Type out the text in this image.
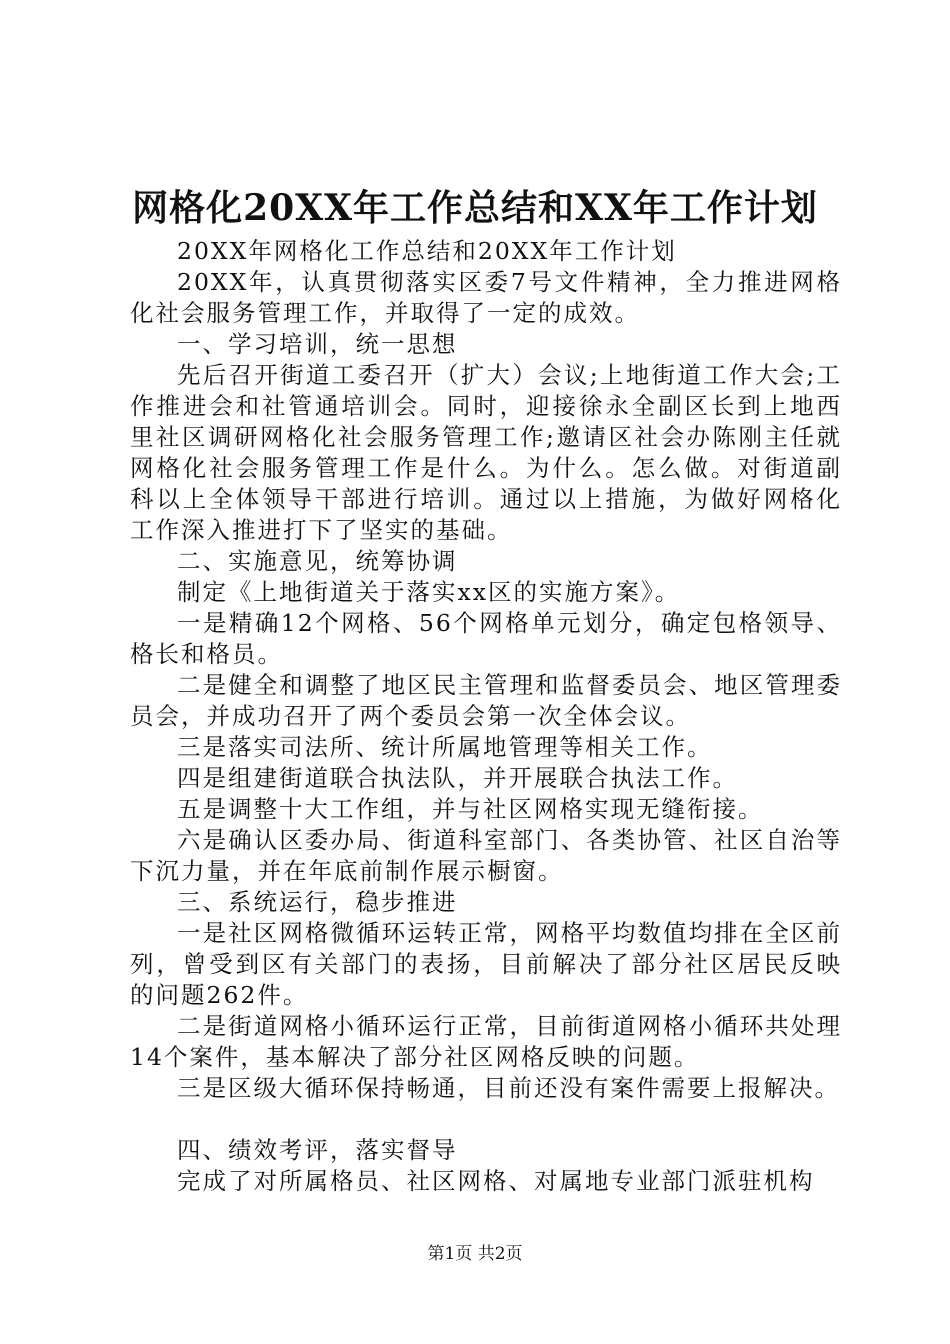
网格化20XX年工作总结和XX年工作计划

20XX年网格化工作总结和20XX年工作计划

20XX年，认真贯彻落实区委7号文件精神，全力推进网格化社会服务管理工作，并取得了一定的成效。

一、学习培训，统一思想

先后召开街道工委召开（扩大）会议;上地街道工作大会;工作推进会和社管通培训会。同时，迎接徐永全副区长到上地西里社区调研网格化社会服务管理工作;邀请区社会办陈刚主任就网格化社会服务管理工作是什么。为什么。怎么做。对街道副科以上全体领导干部进行培训。通过以上措施，为做好网格化工作深入推进打下了坚实的基础。

二、实施意见，统筹协调

制定《上地街道关于落实xx区的实施方案》。

一是精确12个网格、56个网格单元划分，确定包格领导、格长和格员。

二是健全和调整了地区民主管理和监督委员会、地区管理委员会，并成功召开了两个委员会第一次全体会议。

三是落实司法所、统计所属地管理等相关工作。

四是组建街道联合执法队，并开展联合执法工作。

五是调整十大工作组，并与社区网格实现无缝衔接。

六是确认区委办局、街道科室部门、各类协管、社区自治等下沉力量，并在年底前制作展示橱窗。

三、系统运行，稳步推进

一是社区网格微循环运转正常，网格平均数值均排在全区前列，曾受到区有关部门的表扬，目前解决了部分社区居民反映的问题262件。

二是街道网格小循环运行正常，目前街道网格小循环共处理14个案件，基本解决了部分社区网格反映的问题。

三是区级大循环保持畅通，目前还没有案件需要上报解决。

四、绩效考评，落实督导

完成了对所属格员、社区网格、对属地专业部门派驻机构

第1页 共2页
